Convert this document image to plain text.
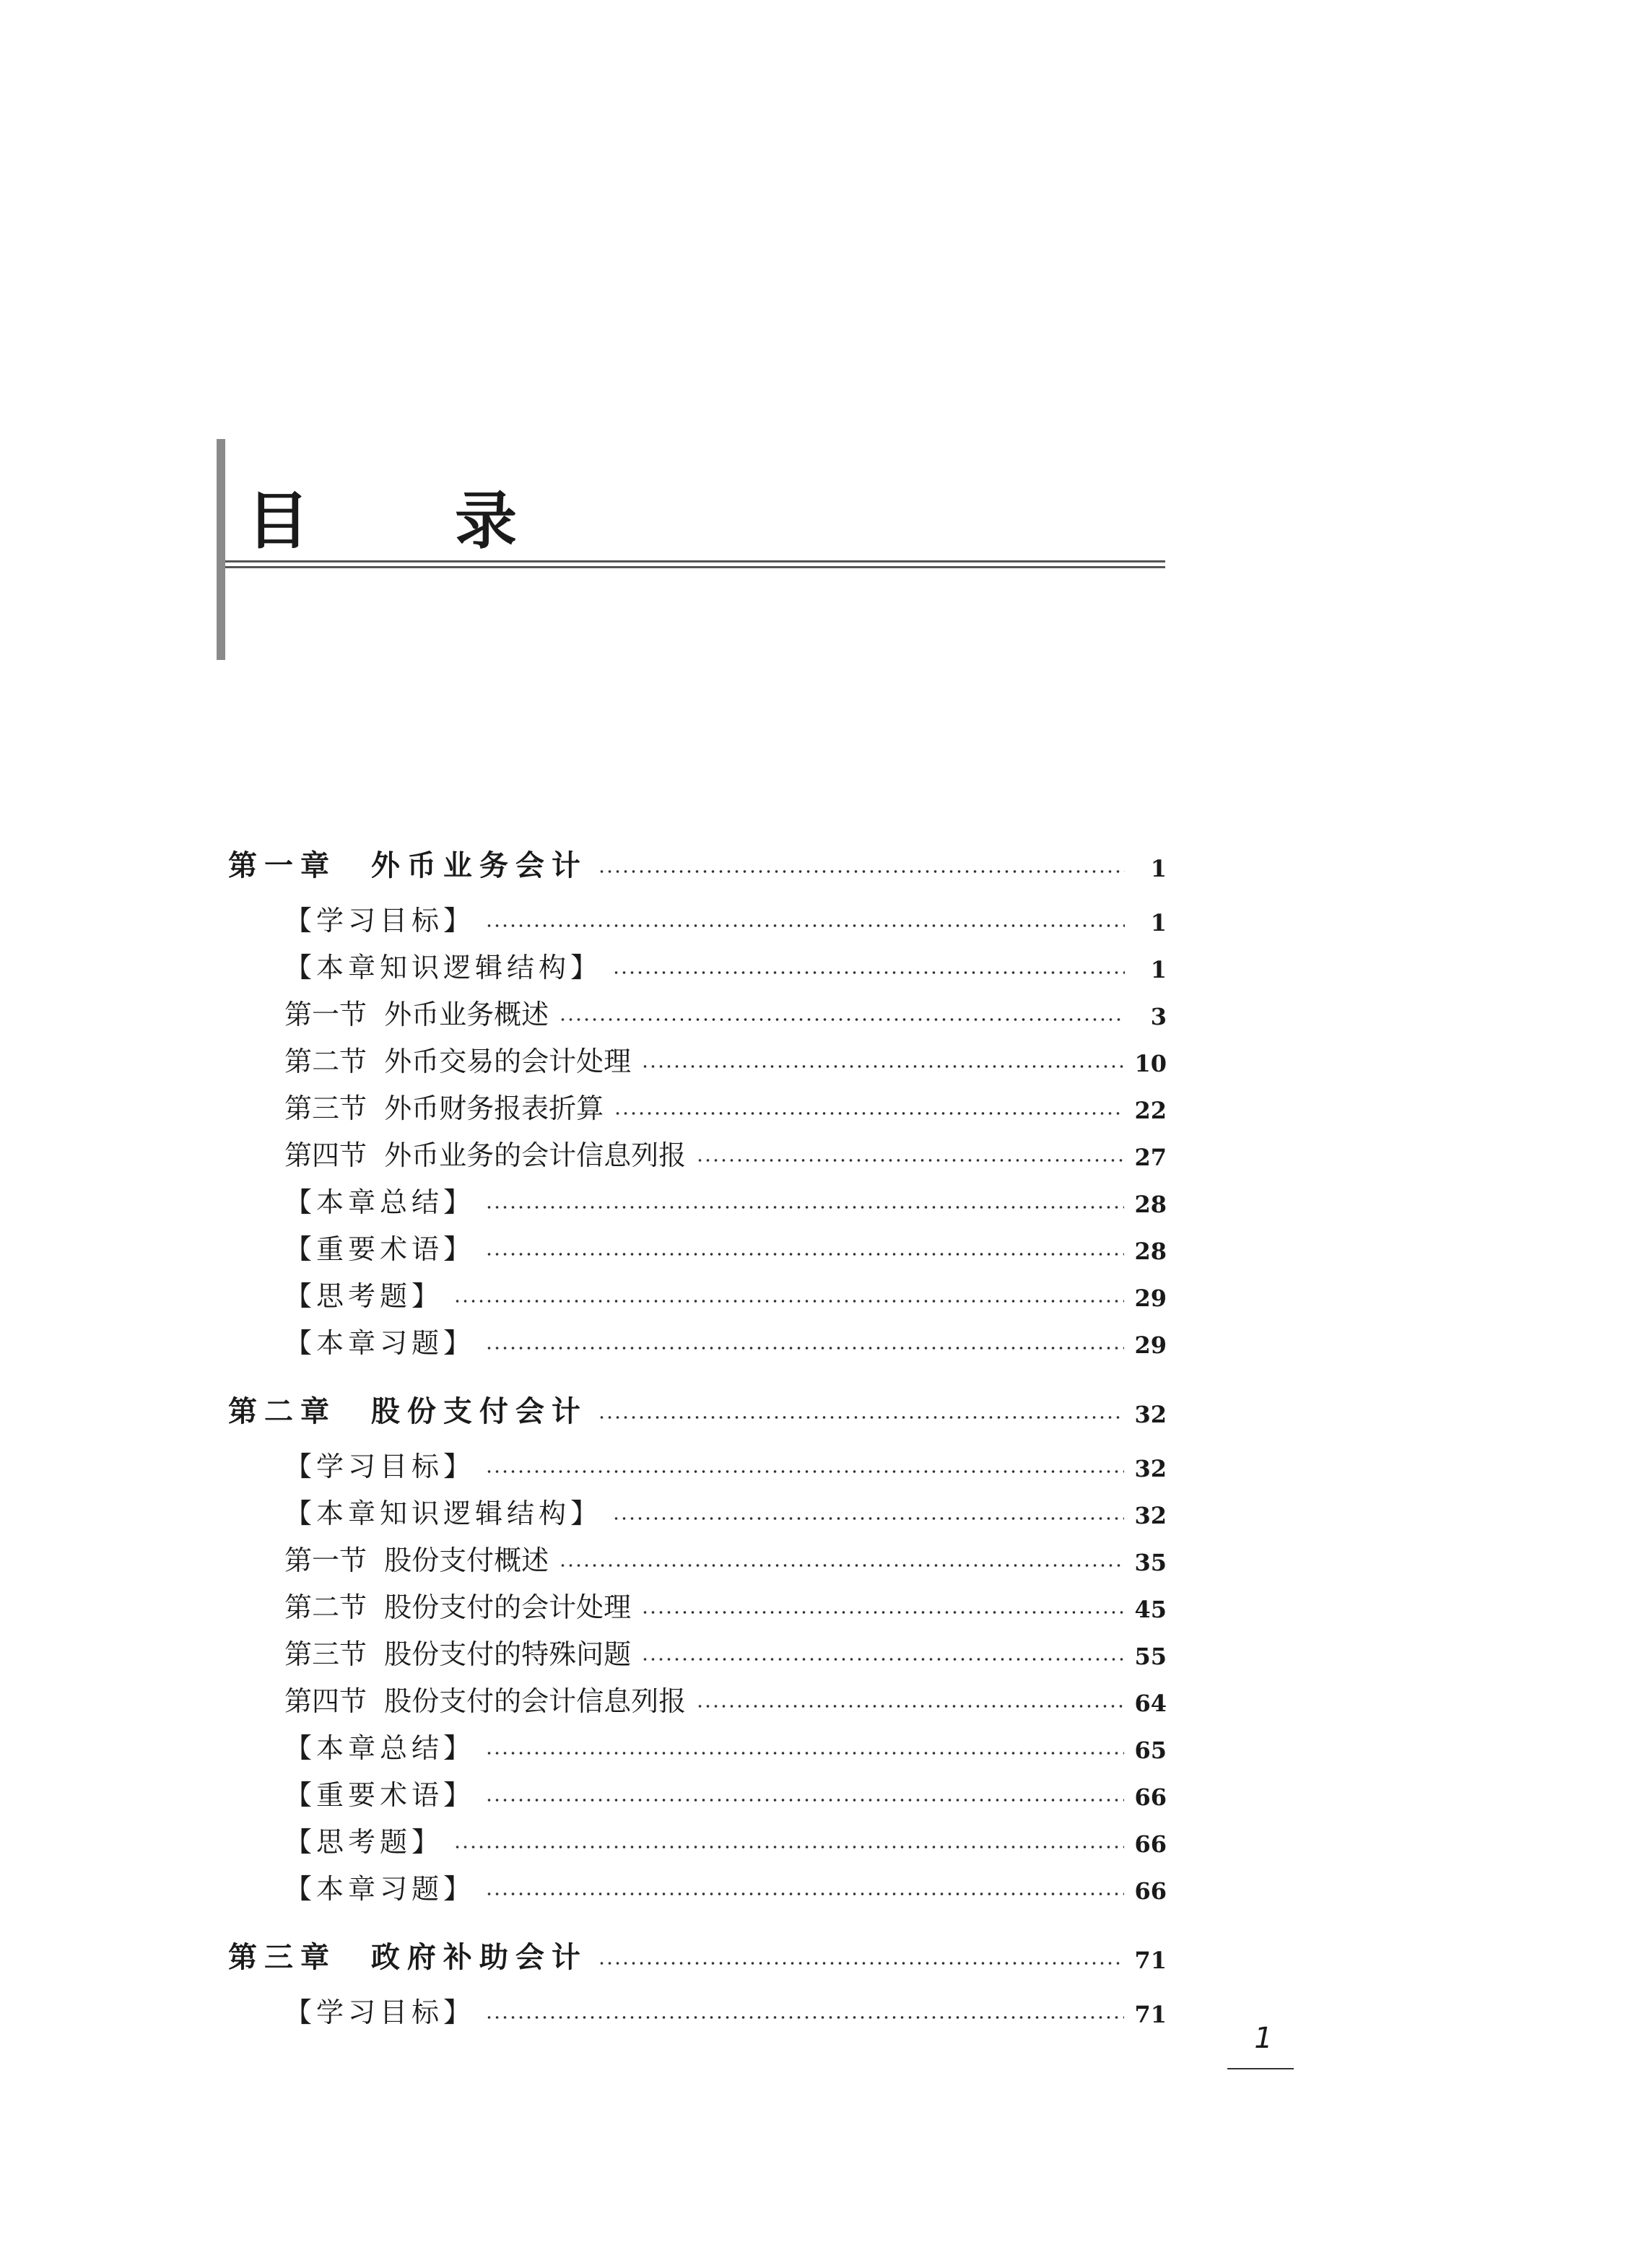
目 录
第一章  外币业务会计	1
【学习目标】	1
【本章知识逻辑结构】	1
第一节  外币业务概述	3
第二节  外币交易的会计处理	10
第三节  外币财务报表折算	22
第四节  外币业务的会计信息列报	27
【本章总结】	28
【重要术语】	28
【思考题】	29
【本章习题】	29
第二章  股份支付会计	32
【学习目标】	32
【本章知识逻辑结构】	32
第一节  股份支付概述	35
第二节  股份支付的会计处理	45
第三节  股份支付的特殊问题	55
第四节  股份支付的会计信息列报	64
【本章总结】	65
【重要术语】	66
【思考题】	66
【本章习题】	66
第三章  政府补助会计	71
【学习目标】	71
1
